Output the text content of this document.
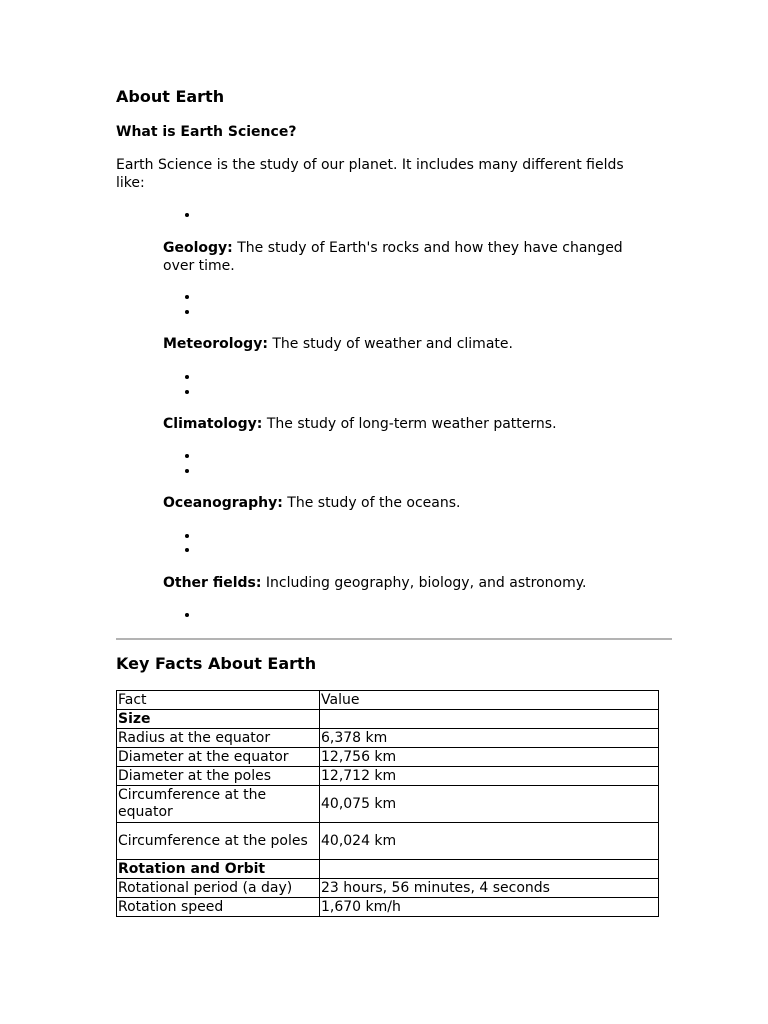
About Earth
What is Earth Science?

Earth Science is the study of our planet. It includes many different fields like:

Geology: The study of Earth's rocks and how they have changed over time.

Meteorology: The study of weather and climate.

Climatology: The study of long-term weather patterns.

Oceanography: The study of the oceans.

Other fields: Including geography, biology, and astronomy.

Key Facts About Earth
Fact	Value
Size	
Radius at the equator	6,378 km
Diameter at the equator	12,756 km
Diameter at the poles	12,712 km
Circumference at the equator	40,075 km
Circumference at the poles	40,024 km
Rotation and Orbit	
Rotational period (a day)	23 hours, 56 minutes, 4 seconds
Rotation speed	1,670 km/h
